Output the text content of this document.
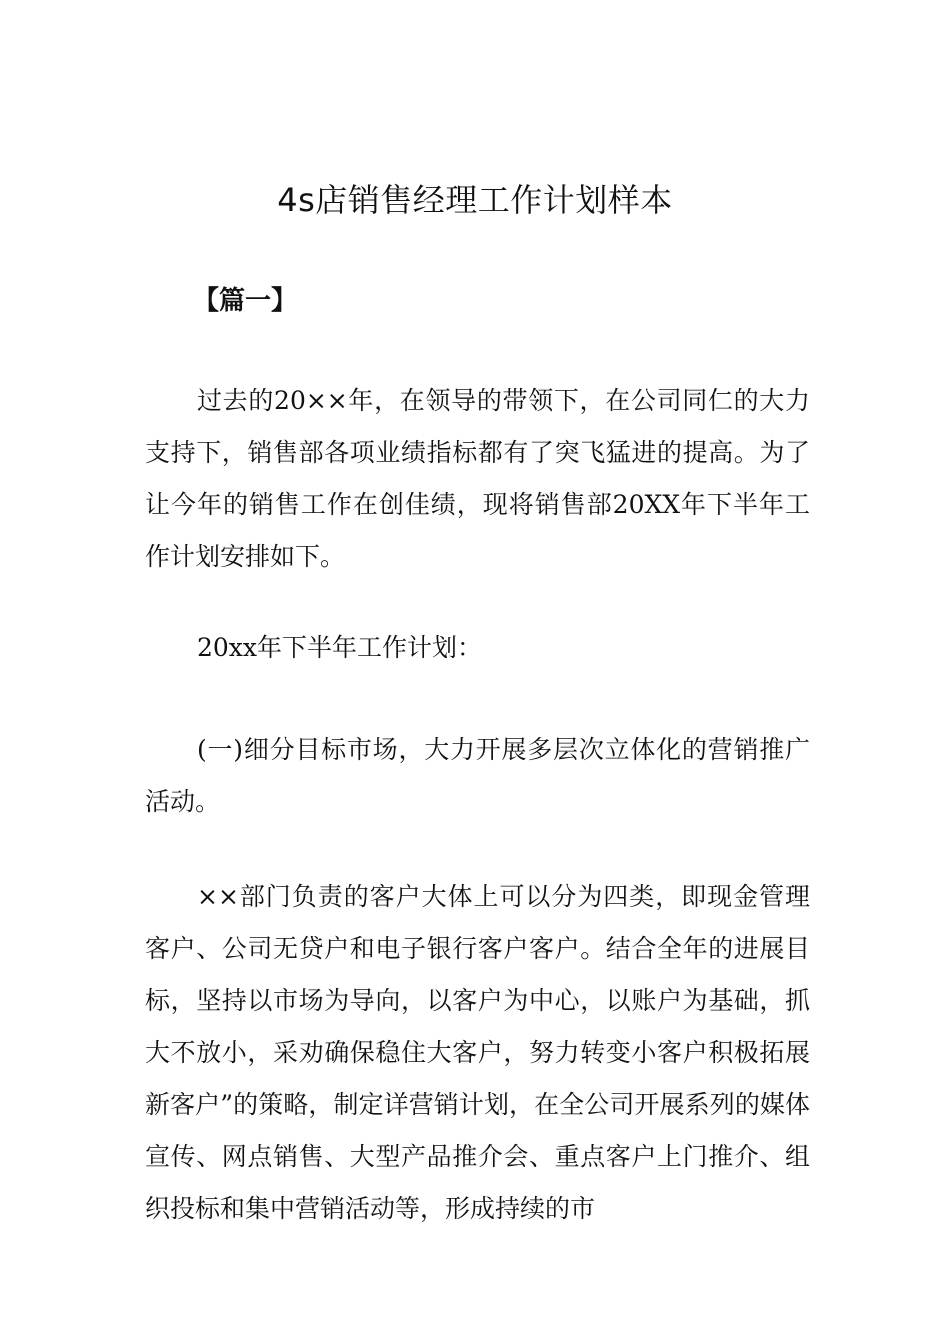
4s店销售经理工作计划样本
【篇一】

过去的20××年，在领导的带领下，在公司同仁的大力支持下，销售部各项业绩指标都有了突飞猛进的提高。为了让今年的销售工作在创佳绩，现将销售部20XX年下半年工作计划安排如下。

20xx年下半年工作计划：

(一)细分目标市场，大力开展多层次立体化的营销推广活动。

××部门负责的客户大体上可以分为四类，即现金管理客户、公司无贷户和电子银行客户客户。结合全年的进展目标，坚持以市场为导向，以客户为中心，以账户为基础，抓大不放小，采劝确保稳住大客户，努力转变小客户积极拓展新客户”的策略，制定详营销计划，在全公司开展系列的媒体宣传、网点销售、大型产品推介会、重点客户上门推介、组织投标和集中营销活动等，形成持续的市
